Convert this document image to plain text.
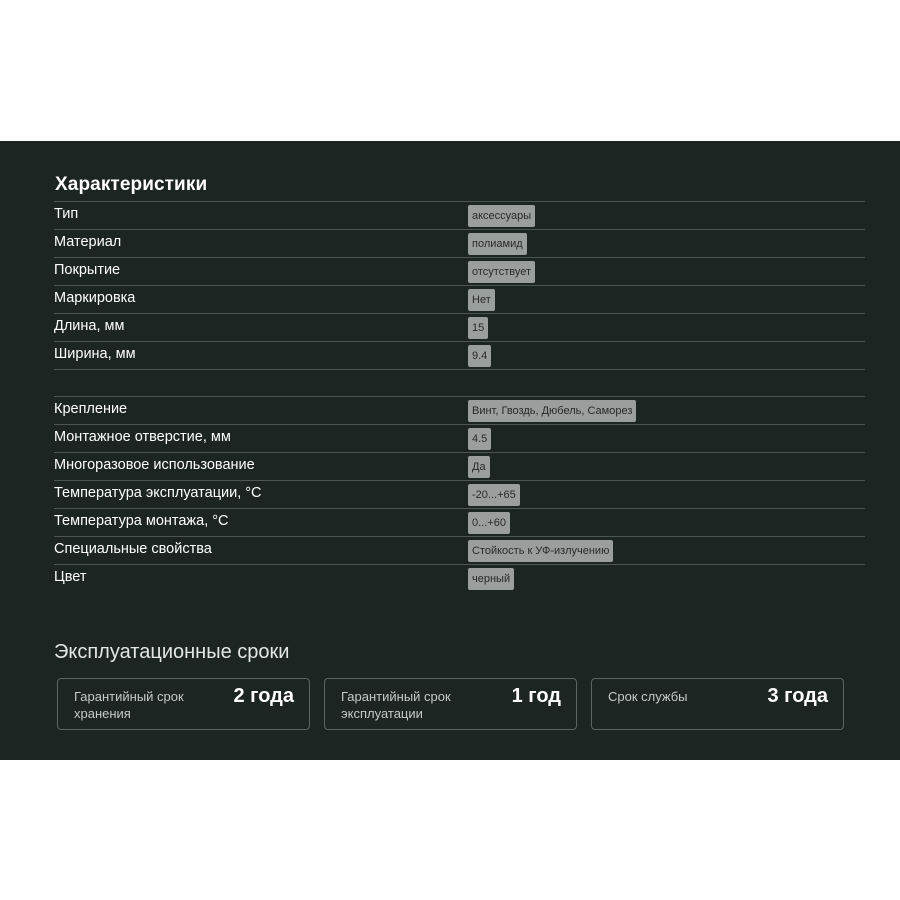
Характеристики
Тип	аксессуары
Материал	полиамид
Покрытие	отсутствует
Маркировка	Нет
Длина, мм	15
Ширина, мм	9.4
Крепление	Винт, Гвоздь, Дюбель, Саморез
Монтажное отверстие, мм	4.5
Многоразовое использование	Да
Температура эксплуатации, °С	-20...+65
Температура монтажа, °С	0...+60
Специальные свойства	Стойкость к УФ-излучению
Цвет	черный
Эксплуатационные сроки
Гарантийный срок
хранения
2 года	Гарантийный срок
эксплуатации
1 год	Срок службы	3 года
